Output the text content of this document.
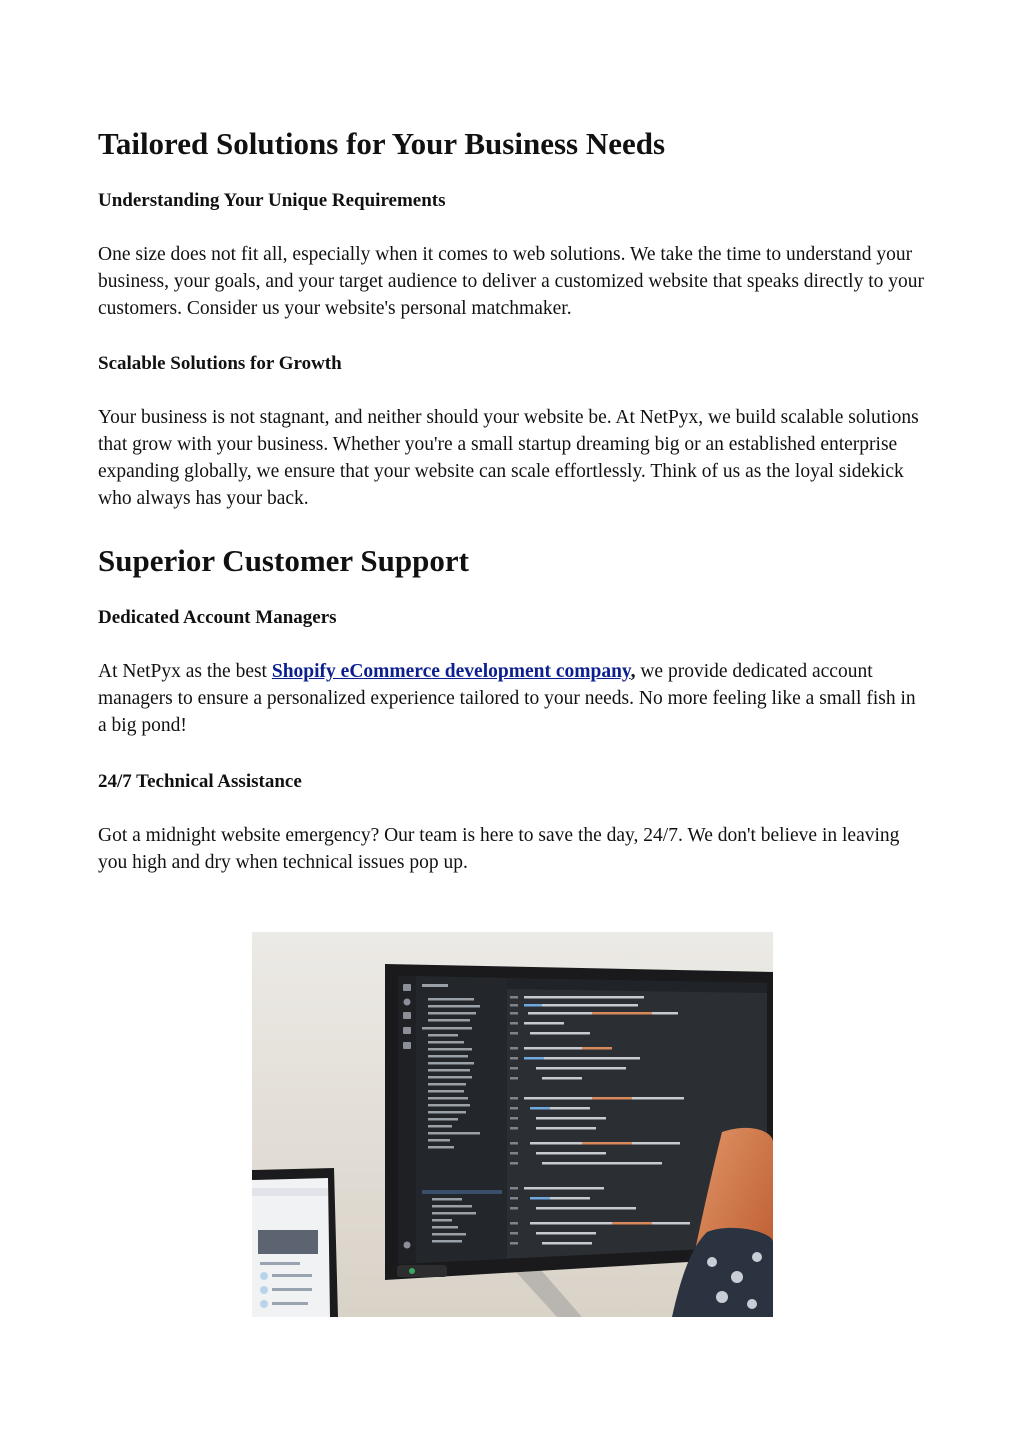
Tailored Solutions for Your Business Needs
Understanding Your Unique Requirements

One size does not fit all, especially when it comes to web solutions. We take the time to understand your business, your goals, and your target audience to deliver a customized website that speaks directly to your customers. Consider us your website's personal matchmaker.

Scalable Solutions for Growth

Your business is not stagnant, and neither should your website be. At NetPyx, we build scalable solutions that grow with your business. Whether you're a small startup dreaming big or an established enterprise expanding globally, we ensure that your website can scale effortlessly. Think of us as the loyal sidekick who always has your back.

Superior Customer Support
Dedicated Account Managers

At NetPyx as the best Shopify eCommerce development company, we provide dedicated account managers to ensure a personalized experience tailored to your needs. No more feeling like a small fish in a big pond!

24/7 Technical Assistance

Got a midnight website emergency? Our team is here to save the day, 24/7. We don't believe in leaving you high and dry when technical issues pop up.
